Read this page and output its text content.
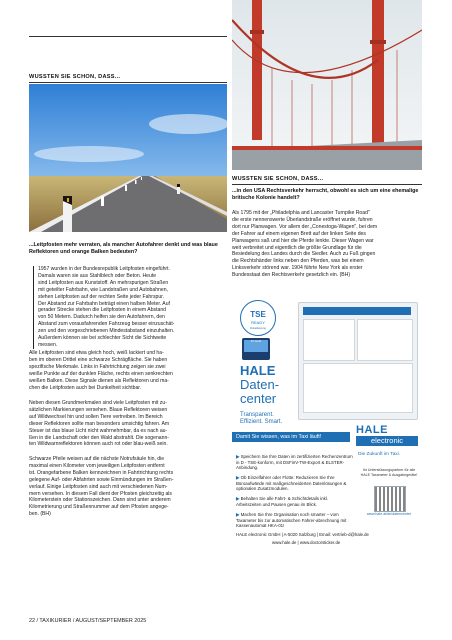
WUSSTEN SIE SCHON, DASS...
...Leitpfosten mehr verraten, als mancher Autofahrer denkt und was blaue Reflektoren und orange Balken bedeuten?
1957 wurden in der Bundesrepublik Leitpfosten eingeführt.
Damals waren sie aus Stahlblech oder Beton. Heute
sind Leitpfosten aus Kunststoff. An mehrspurigen Straßen
mit geteilter Fahrbahn, wie Landstraßen und Autobahnen,
stehen Leitpfosten auf der rechten Seite jeder Fahrspur.
Der Abstand zur Fahrbahn beträgt einen halben Meter. Auf
gerader Strecke stehen die Leitpfosten in einem Abstand
von 50 Metern. Dadurch helfen sie den Autofahrern, den
Abstand zum vorausfahrenden Fahrzeug besser einzuschät-
zen und den vorgeschriebenen Mindestabstand einzuhalten.
Außerdem können sie bei schlechter Sicht die Sichtweite
messen.
Alle Leitpfosten sind etwa gleich hoch, weiß lackiert und ha-
ben im oberen Drittel eine schwarze Schrägfläche. Sie haben
spezifische Merkmale. Links in Fahrtrichtung zeigen sie zwei
weiße Punkte auf der dunklen Fläche, rechts einen senkrechten
weißen Balken. Diese Signale dienen als Reflektoren und ma-
chen die Leitpfosten auch bei Dunkelheit sichtbar.
Neben diesen Grundmerkmalen sind viele Leitpfosten mit zu-
sätzlichen Markierungen versehen. Blaue Reflektoren weisen
auf Wildwechsel hin und sollen Tiere vertreiben. Im Bereich
dieser Reflektoren sollte man besonders umsichtig fahren. Am
Steuer ist das blaue Licht nicht wahrnehmbar, da es nach au-
ßen in die Landschaft oder den Wald abstrahlt. Die sogenann-
ten Wildwarnreflektoren können auch rot oder blau-weiß sein.
Schwarze Pfeile weisen auf die nächste Notrufsäule hin, die
maximal einen Kilometer vom jeweiligen Leitpfosten entfernt
ist. Orangefarbene Balken kennzeichnen in Fahrtrichtung rechts
gelegene Auf- oder Abfahrten sowie Einmündungen im Straßen-
verlauf. Einige Leitpfosten sind auch mit verschiedenen Num-
mern versehen. In diesem Fall dient der Pfosten gleichzeitig als
Kilometerstein oder Stationszeichen. Dann sind unter anderem
Kilometrierung und Straßennummer auf dem Pfosten angege-
ben. (BH)
WUSSTEN SIE SCHON, DASS...
...in den USA Rechtsverkehr herrscht, obwohl es sich um eine ehemalige britische Kolonie handelt?
Als 1795 mit der „Philadelphia and Lancaster Turnpike Road"
die erste nennenswerte Überlandstraße eröffnet wurde, fuhren
dort nur Planwagen. Vor allem der „Conestoga-Wagen", bei dem
der Fahrer auf einem eigenen Brett auf der linken Seite des
Planwagens saß und hier die Pferde lenkte. Dieser Wagen war
weit verbreitet und eigentlich die größte Grundlage für die
Besiedelung des Landes durch die Siedler. Auch zu Fuß gingen
die Rechtshänder links neben den Pferden, was bei einem
Linksverkehr störend war. 1904 führte New York als erster
Bundesstaat den Rechtsverkehr gesetzlich ein. (BH)
TSE
READY
Fiskalisierung
Ihr Gerät
HALE
Daten-
center
Transparent.
Effizient. Smart.
Damit Sie wissen, was im Taxi läuft!
HALE
electronic
Die Zukunft im Taxi.
▶ Speichern Sie Ihre Daten im zertifizierten Rechenzentrum in D - TSE-konform, mit DSFinV-TW-Export & ELSTER-Anbindung.
▶ Ob Einzelfahrer oder Flotte: Reduzieren Sie Ihre Büroaufwände mit maßgeschneiderten Datenlösungen & optionalen Zusatzmodulen.
▶ Behalten Sie alle Fahrt- & Schichtdetails inkl. Arbeitszeiten und Pausen genau im Blick.
▶ Machen Sie Ihre Organisation noch smarter – vom Taxameter bis zur automatischen Fahrer-abrechnung mit Kassenautomat HKA-01!
Ihr Unterstützungspartner für alle HALE Taxameter & Ausgabegeräte!
www.hale.at/de/datencenter
HALE electronic GmbH | A-5020 Salzburg | Email: vertrieb-d@hale.de
www.hale.de | www.doctorsticker.de
22 / TAXIKURIER / AUGUST/SEPTEMBER 2025
